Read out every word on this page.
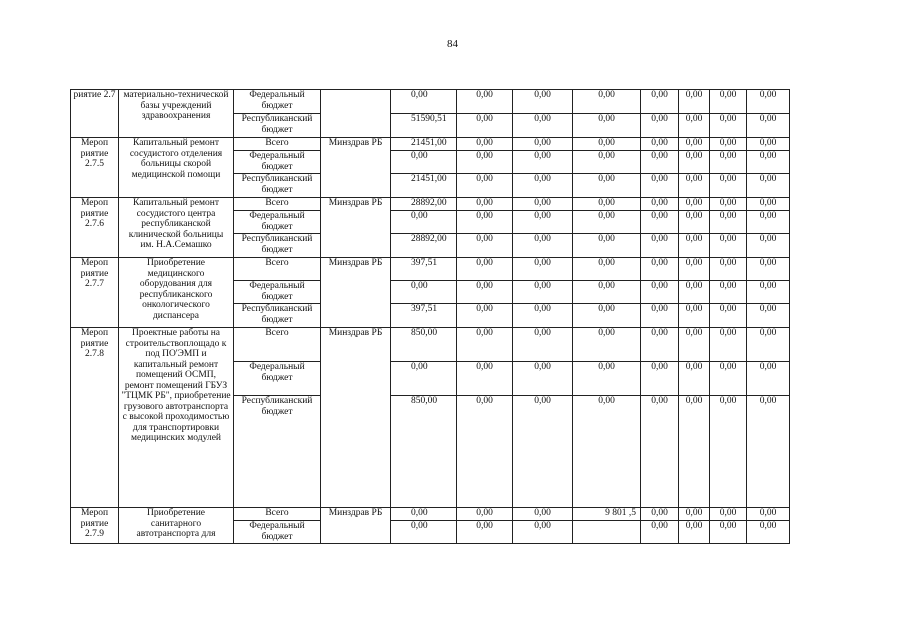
84
риятие 2.7	материально-технической базы учреждений здравоохранения	Федеральный бюджет		0,00	0,00	0,00	0,00	0,00	0,00	0,00	0,00
		Республиканский бюджет		51590,51	0,00	0,00	0,00	0,00	0,00	0,00	0,00
Мероп риятие 2.7.5	Капитальный ремонт сосудистого отделения больницы скорой медицинской помощи	Всего	Минздрав РБ	21451,00	0,00	0,00	0,00	0,00	0,00	0,00	0,00
		Федеральный бюджет		0,00	0,00	0,00	0,00	0,00	0,00	0,00	0,00
		Республиканский бюджет		21451,00	0,00	0,00	0,00	0,00	0,00	0,00	0,00
Мероп риятие 2.7.6	Капитальный ремонт сосудистого центра республиканской клинической больницы им. Н.А.Семашко	Всего	Минздрав РБ	28892,00	0,00	0,00	0,00	0,00	0,00	0,00	0,00
		Федеральный бюджет		0,00	0,00	0,00	0,00	0,00	0,00	0,00	0,00
		Республиканский бюджет		28892,00	0,00	0,00	0,00	0,00	0,00	0,00	0,00
Мероп риятие 2.7.7	Приобретение медицинского оборудования для республиканского онкологического диспансера	Всего	Минздрав РБ	397,51	0,00	0,00	0,00	0,00	0,00	0,00	0,00
		Федеральный бюджет		0,00	0,00	0,00	0,00	0,00	0,00	0,00	0,00
		Республиканский бюджет		397,51	0,00	0,00	0,00	0,00	0,00	0,00	0,00
Мероп риятие 2.7.8	Проектные работы на строительствоплощадо к под ПО'ЭМП и капитальный ремонт помещений ОСМП, ремонт помещений ГБУЗ "ТЦМК РБ", приобретение грузового автотранспорта с высокой проходимостью для транспортировки медицинских модулей	Всего	Минздрав РБ	850,00	0,00	0,00	0,00	0,00	0,00	0,00	0,00
		Федеральный бюджет		0,00	0,00	0,00	0,00	0,00	0,00	0,00	0,00
		Республиканский бюджет		850,00	0,00	0,00	0,00	0,00	0,00	0,00	0,00
Мероп риятие 2.7.9	Приобретение санитарного автотранспорта для	Всего	Минздрав РБ	0,00	0,00	0,00	9 801 ,5	0,00	0,00	0,00	0,00
		Федеральный бюджет		0,00	0,00	0,00		0,00	0,00	0,00	0,00
